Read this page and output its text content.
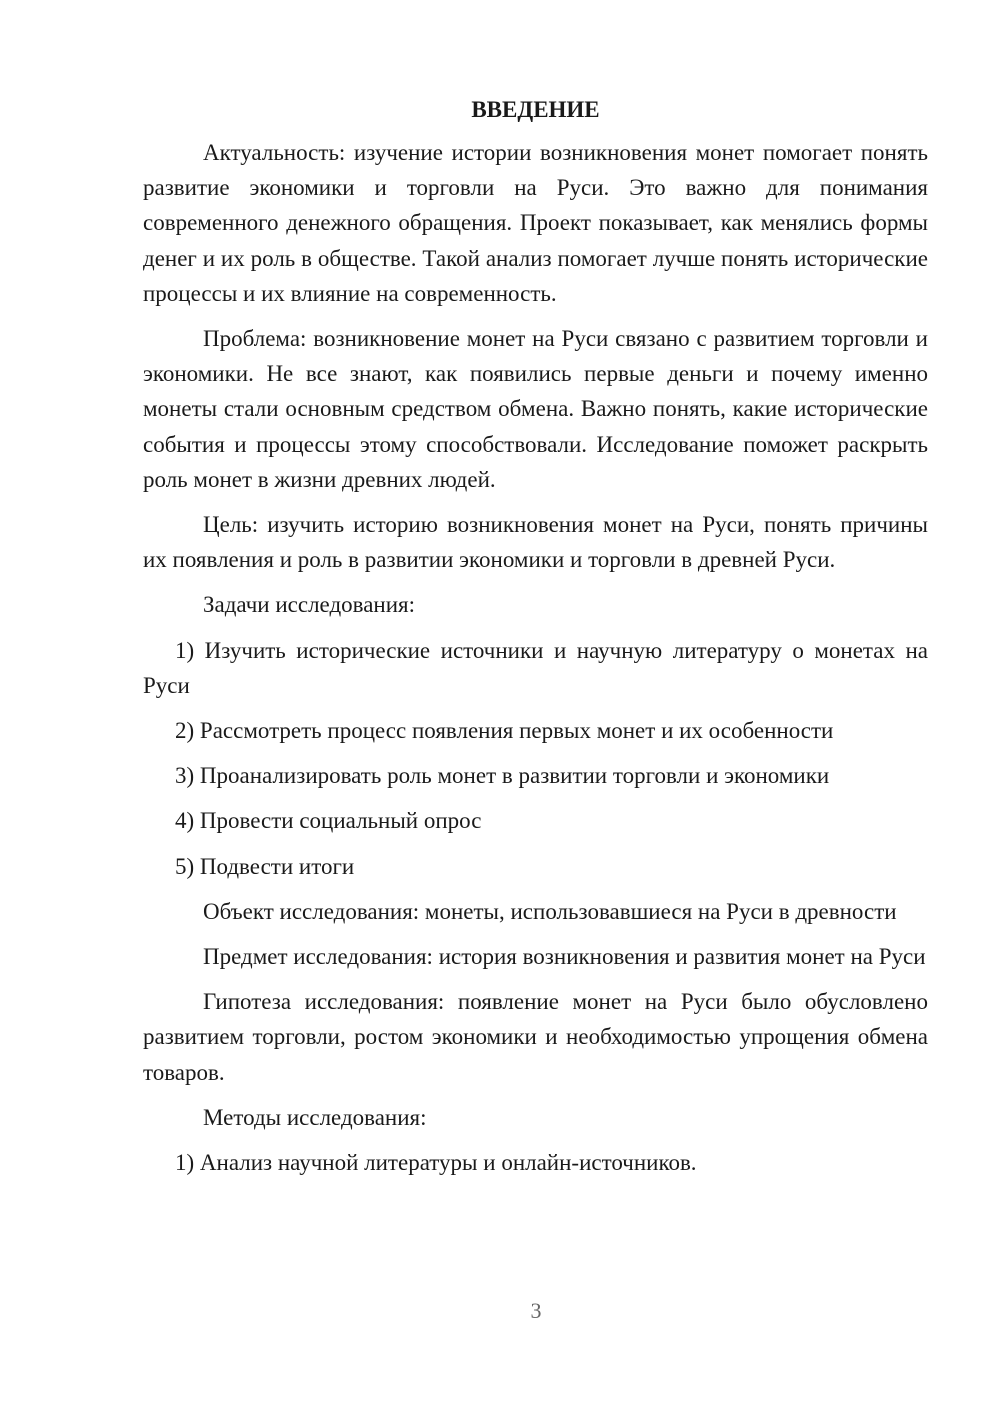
ВВЕДЕНИЕ

Актуальность: изучение истории возникновения монет помогает понять развитие экономики и торговли на Руси. Это важно для понимания современного денежного обращения. Проект показывает, как менялись формы денег и их роль в обществе. Такой анализ помогает лучше понять исторические процессы и их влияние на современность.

Проблема: возникновение монет на Руси связано с развитием торговли и экономики. Не все знают, как появились первые деньги и почему именно монеты стали основным средством обмена. Важно понять, какие исторические события и процессы этому способствовали. Исследование поможет раскрыть роль монет в жизни древних людей.

Цель: изучить историю возникновения монет на Руси, понять причины их появления и роль в развитии экономики и торговли в древней Руси.

Задачи исследования:

1) Изучить исторические источники и научную литературу о монетах на Руси

2) Рассмотреть процесс появления первых монет и их особенности

3) Проанализировать роль монет в развитии торговли и экономики

4) Провести социальный опрос

5) Подвести итоги

Объект исследования: монеты, использовавшиеся на Руси в древности

Предмет исследования: история возникновения и развития монет на Руси

Гипотеза исследования: появление монет на Руси было обусловлено развитием торговли, ростом экономики и необходимостью упрощения обмена товаров.

Методы исследования:

1) Анализ научной литературы и онлайн-источников.

3
